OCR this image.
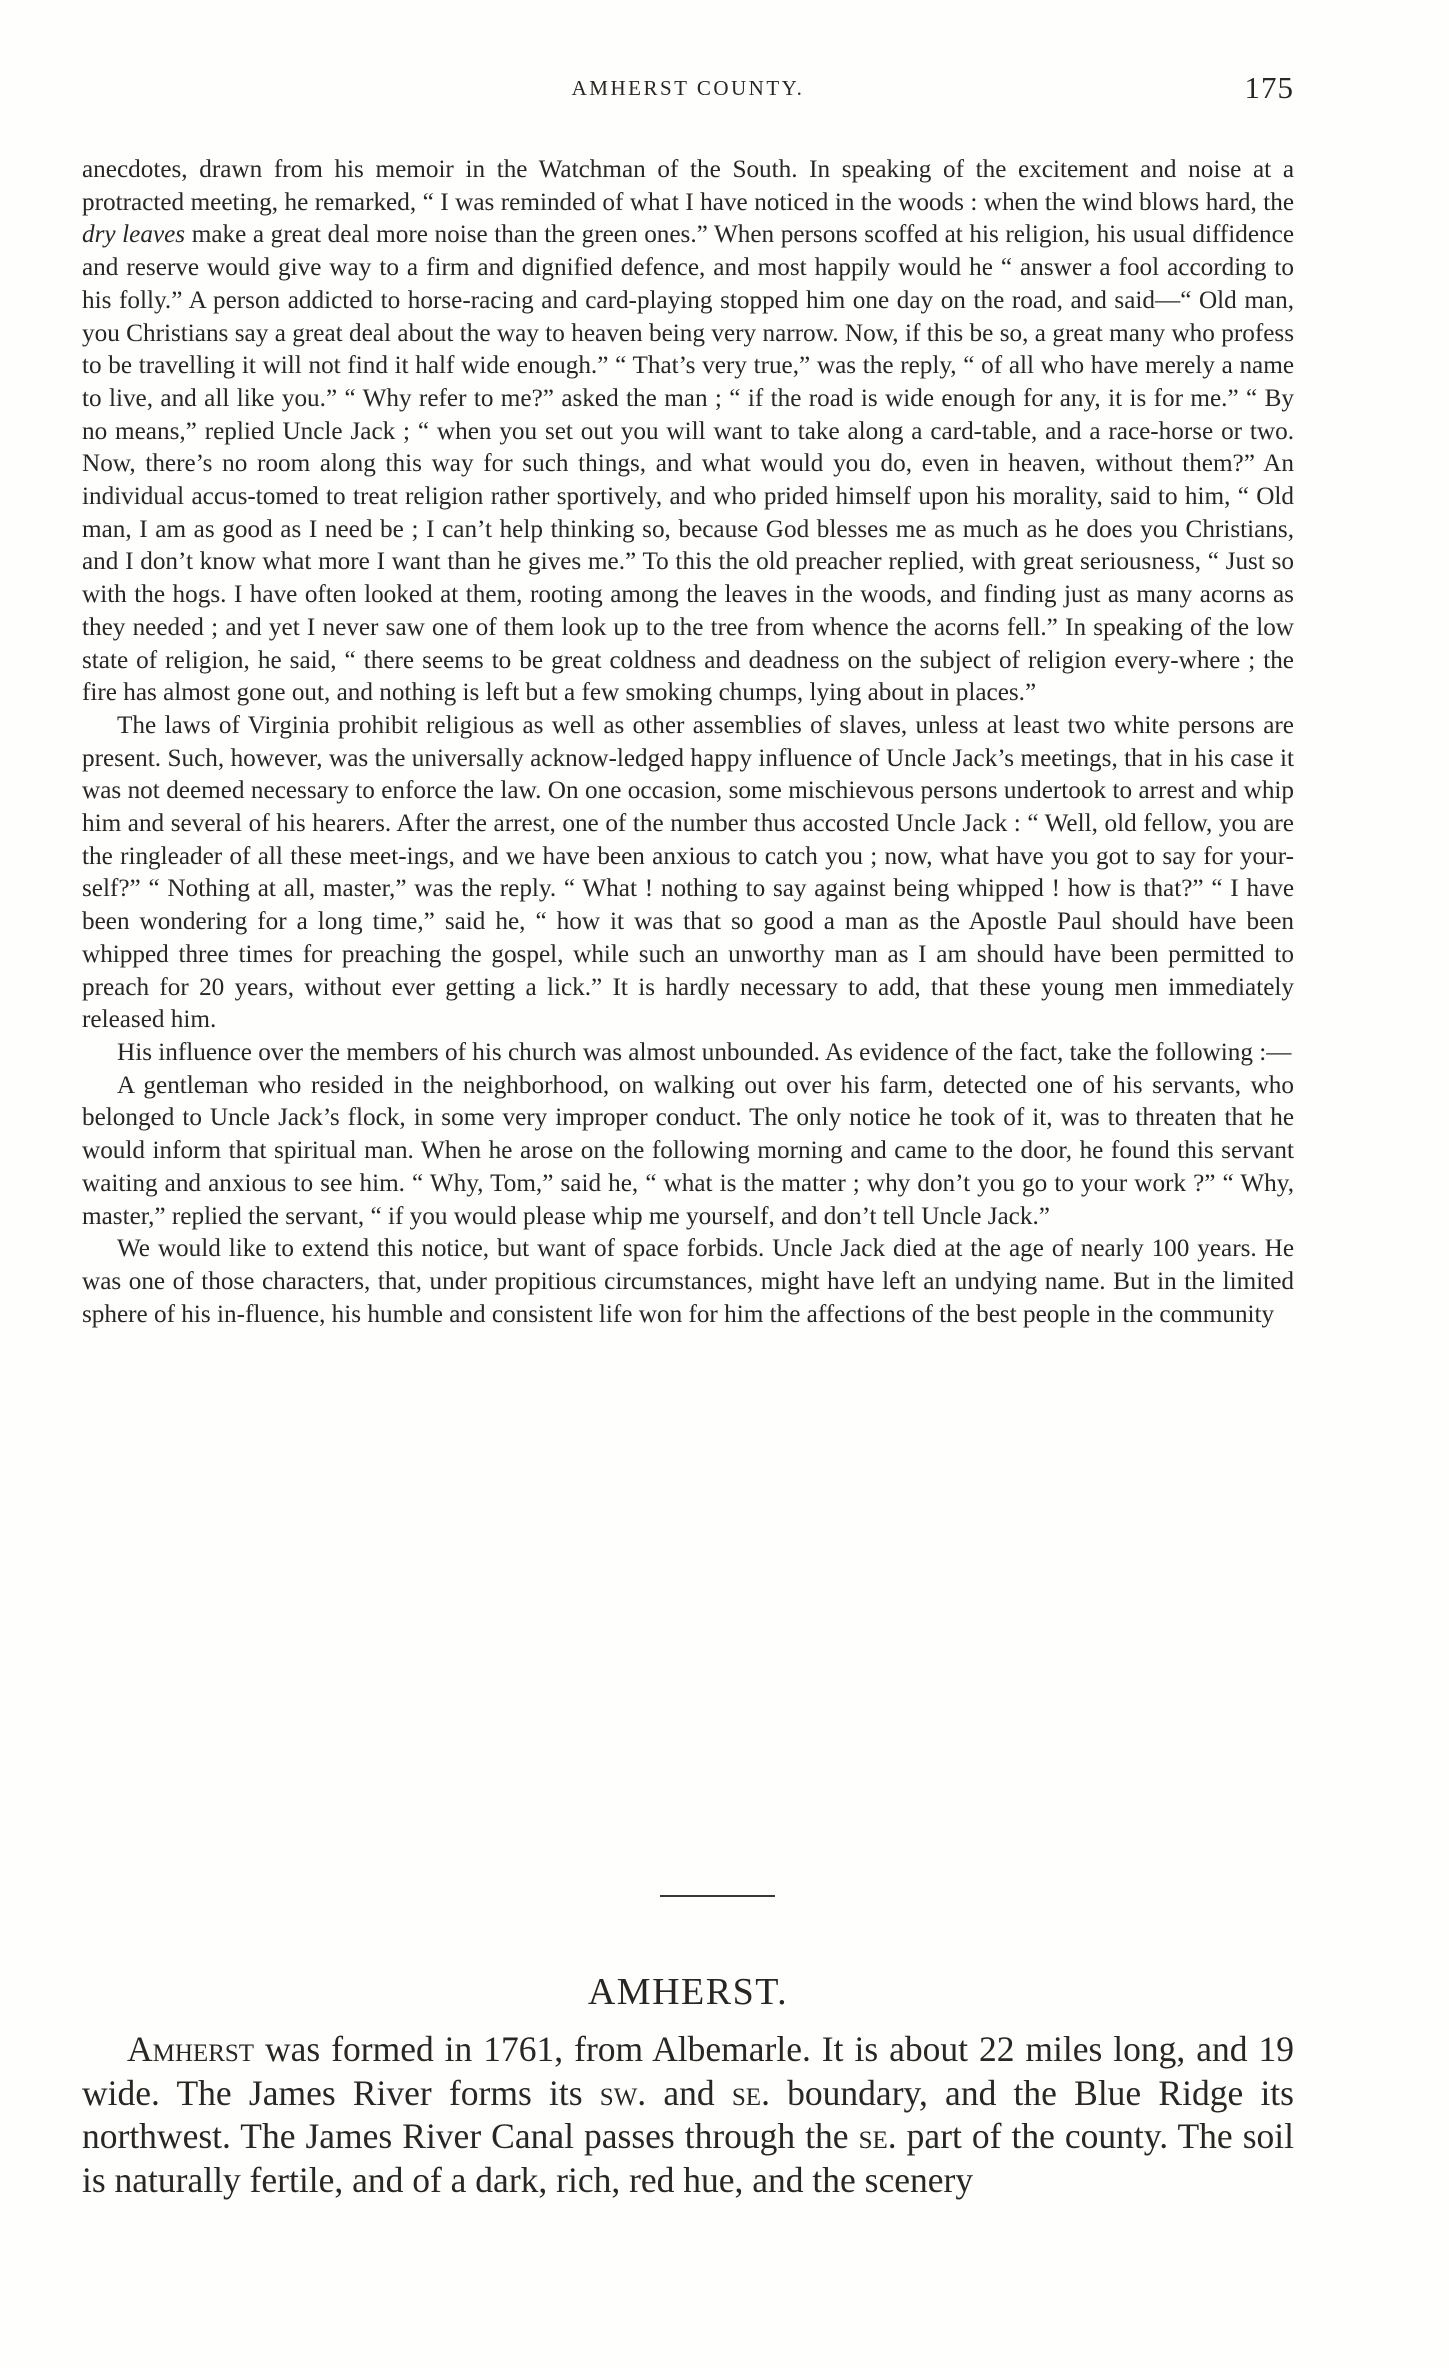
AMHERST COUNTY.	175

anecdotes, drawn from his memoir in the Watchman of the South. In speaking of the excitement and noise at a protracted meeting, he remarked, “ I was reminded of what I have noticed in the woods : when the wind blows hard, the dry leaves make a great deal more noise than the green ones.” When persons scoffed at his religion, his usual diffidence and reserve would give way to a firm and dignified defence, and most happily would he “ answer a fool according to his folly.” A person addicted to horse-racing and card-playing stopped him one day on the road, and said—“ Old man, you Christians say a great deal about the way to heaven being very narrow. Now, if this be so, a great many who profess to be travelling it will not find it half wide enough.” “ That’s very true,” was the reply, “ of all who have merely a name to live, and all like you.” “ Why refer to me?” asked the man ; “ if the road is wide enough for any, it is for me.” “ By no means,” replied Uncle Jack ; “ when you set out you will want to take along a card-table, and a race-horse or two. Now, there’s no room along this way for such things, and what would you do, even in heaven, without them?” An individual accus-tomed to treat religion rather sportively, and who prided himself upon his morality, said to him, “ Old man, I am as good as I need be ; I can’t help thinking so, because God blesses me as much as he does you Christians, and I don’t know what more I want than he gives me.” To this the old preacher replied, with great seriousness, “ Just so with the hogs. I have often looked at them, rooting among the leaves in the woods, and finding just as many acorns as they needed ; and yet I never saw one of them look up to the tree from whence the acorns fell.” In speaking of the low state of religion, he said, “ there seems to be great coldness and deadness on the subject of religion every-where ; the fire has almost gone out, and nothing is left but a few smoking chumps, lying about in places.”

The laws of Virginia prohibit religious as well as other assemblies of slaves, unless at least two white persons are present. Such, however, was the universally acknow-ledged happy influence of Uncle Jack’s meetings, that in his case it was not deemed necessary to enforce the law. On one occasion, some mischievous persons undertook to arrest and whip him and several of his hearers. After the arrest, one of the number thus accosted Uncle Jack : “ Well, old fellow, you are the ringleader of all these meet-ings, and we have been anxious to catch you ; now, what have you got to say for your-self?” “ Nothing at all, master,” was the reply. “ What ! nothing to say against being whipped ! how is that?” “ I have been wondering for a long time,” said he, “ how it was that so good a man as the Apostle Paul should have been whipped three times for preaching the gospel, while such an unworthy man as I am should have been permitted to preach for 20 years, without ever getting a lick.” It is hardly necessary to add, that these young men immediately released him.

His influence over the members of his church was almost unbounded. As evidence of the fact, take the following :—

A gentleman who resided in the neighborhood, on walking out over his farm, detected one of his servants, who belonged to Uncle Jack’s flock, in some very improper conduct. The only notice he took of it, was to threaten that he would inform that spiritual man. When he arose on the following morning and came to the door, he found this servant waiting and anxious to see him. “ Why, Tom,” said he, “ what is the matter ; why don’t you go to your work ?” “ Why, master,” replied the servant, “ if you would please whip me yourself, and don’t tell Uncle Jack.”

We would like to extend this notice, but want of space forbids. Uncle Jack died at the age of nearly 100 years. He was one of those characters, that, under propitious circumstances, might have left an undying name. But in the limited sphere of his in-fluence, his humble and consistent life won for him the affections of the best people in the community

AMHERST.

Amherst was formed in 1761, from Albemarle. It is about 22 miles long, and 19 wide. The James River forms its sw. and se. boundary, and the Blue Ridge its northwest. The James River Canal passes through the se. part of the county. The soil is naturally fertile, and of a dark, rich, red hue, and the scenery
